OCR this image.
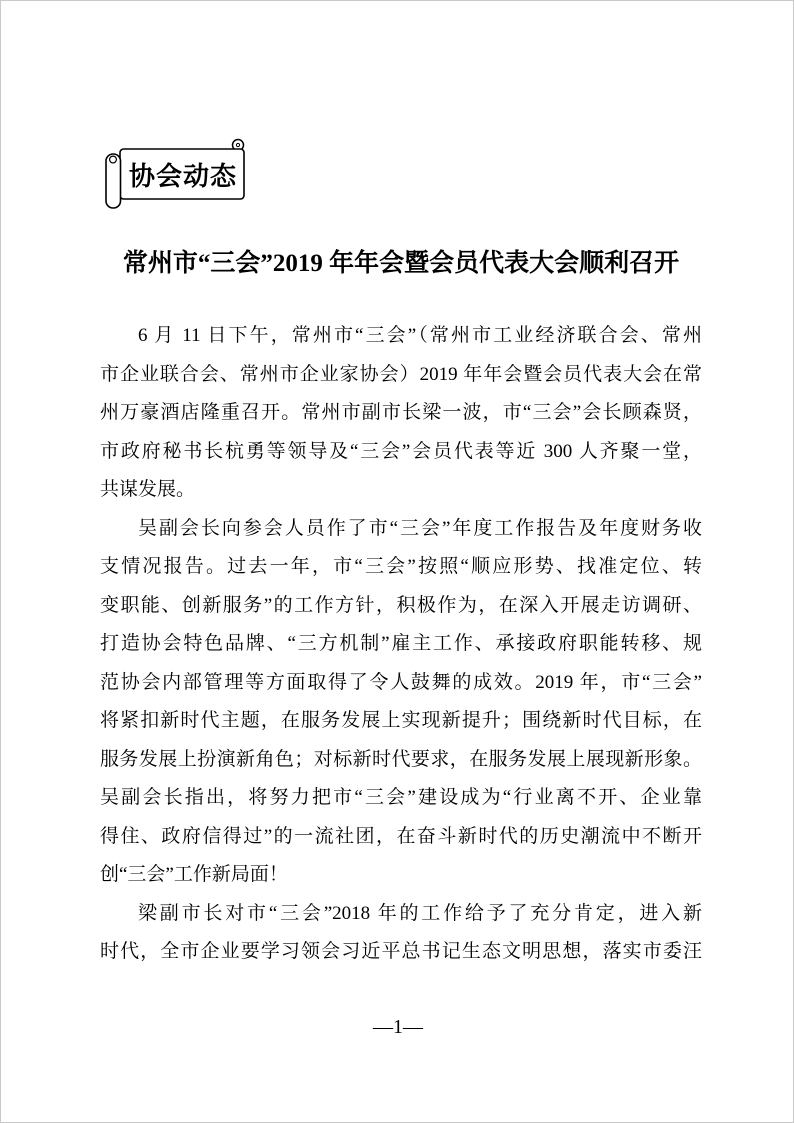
协会动态
常州市“三会”2019 年年会暨会员代表大会顺利召开
6 月 11 日下午，常州市“三会”（常州市工业经济联合会、常州
市企业联合会、常州市企业家协会）2019 年年会暨会员代表大会在常
州万豪酒店隆重召开。常州市副市长梁一波，市“三会”会长顾森贤，
市政府秘书长杭勇等领导及“三会”会员代表等近 300 人齐聚一堂，
共谋发展。
吴副会长向参会人员作了市“三会”年度工作报告及年度财务收
支情况报告。过去一年，市“三会”按照“顺应形势、找准定位、转
变职能、创新服务”的工作方针，积极作为，在深入开展走访调研、
打造协会特色品牌、“三方机制”雇主工作、承接政府职能转移、规
范协会内部管理等方面取得了令人鼓舞的成效。2019 年，市“三会”
将紧扣新时代主题，在服务发展上实现新提升；围绕新时代目标，在
服务发展上扮演新角色；对标新时代要求，在服务发展上展现新形象。
吴副会长指出，将努力把市“三会”建设成为“行业离不开、企业靠
得住、政府信得过”的一流社团，在奋斗新时代的历史潮流中不断开
创“三会”工作新局面！
梁副市长对市“三会”2018 年的工作给予了充分肯定，进入新
时代，全市企业要学习领会习近平总书记生态文明思想，落实市委汪
—1—
